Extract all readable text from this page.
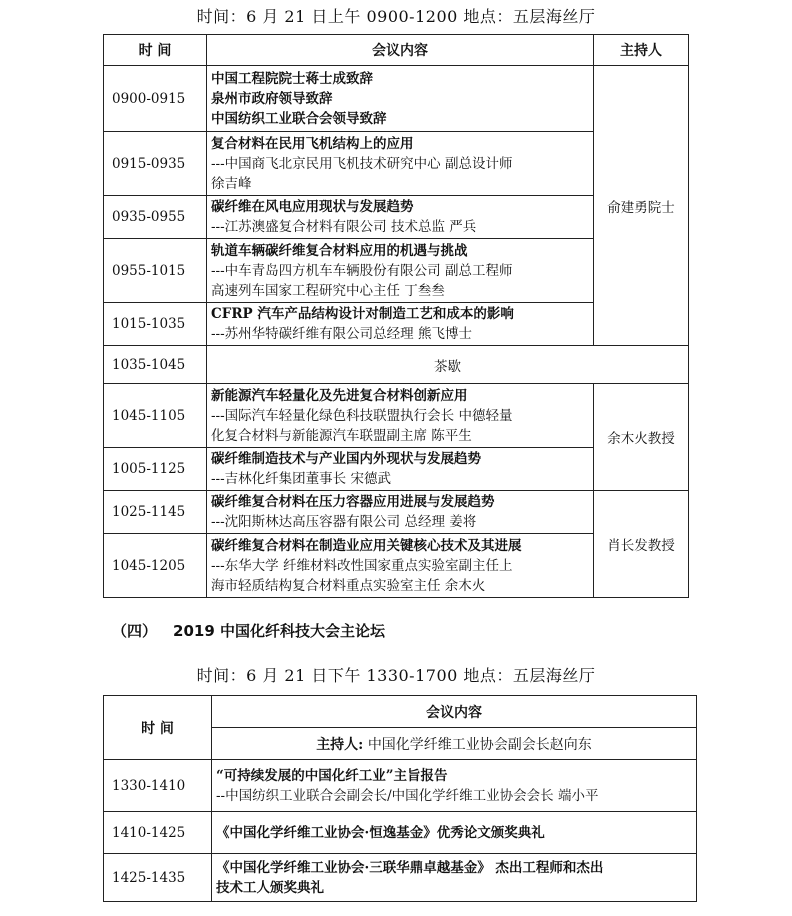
时间：6 月 21 日上午 0900-1200 地点：五层海丝厅
时 间	会议内容	主持人
0900-0915	中国工程院院士蒋士成致辞
泉州市政府领导致辞
中国纺织工业联合会领导致辞	俞建勇院士
0915-0935	复合材料在民用飞机结构上的应用
---中国商飞北京民用飞机技术研究中心 副总设计师
徐吉峰	

0935-0955	碳纤维在风电应用现状与发展趋势
---江苏澳盛复合材料有限公司 技术总监 严兵	

0955-1015	轨道车辆碳纤维复合材料应用的机遇与挑战
---中车青岛四方机车车辆股份有限公司 副总工程师
高速列车国家工程研究中心主任 丁叁叁	

1015-1035	CFRP 汽车产品结构设计对制造工艺和成本的影响
---苏州华特碳纤维有限公司总经理 熊飞博士	

1035-1045	茶歇	
1045-1105	新能源汽车轻量化及先进复合材料创新应用
---国际汽车轻量化绿色科技联盟执行会长 中德轻量
化复合材料与新能源汽车联盟副主席 陈平生	余木火教授
1005-1125	碳纤维制造技术与产业国内外现状与发展趋势
---吉林化纤集团董事长 宋德武	

1025-1145	碳纤维复合材料在压力容器应用进展与发展趋势
---沈阳斯林达高压容器有限公司 总经理 姜将	肖长发教授
1045-1205	碳纤维复合材料在制造业应用关键核心技术及其进展
---东华大学 纤维材料改性国家重点实验室副主任上
海市轻质结构复合材料重点实验室主任 余木火	
（四） 2019 中国化纤科技大会主论坛
时间：6 月 21 日下午 1330-1700 地点：五层海丝厅
时 间	会议内容
	主持人: 中国化学纤维工业协会副会长赵向东
1330-1410	“可持续发展的中国化纤工业”主旨报告
--中国纺织工业联合会副会长/中国化学纤维工业协会会长 端小平

1410-1425	《中国化学纤维工业协会·恒逸基金》优秀论文颁奖典礼

1425-1435	《中国化学纤维工业协会·三联华鼎卓越基金》 杰出工程师和杰出
技术工人颁奖典礼
